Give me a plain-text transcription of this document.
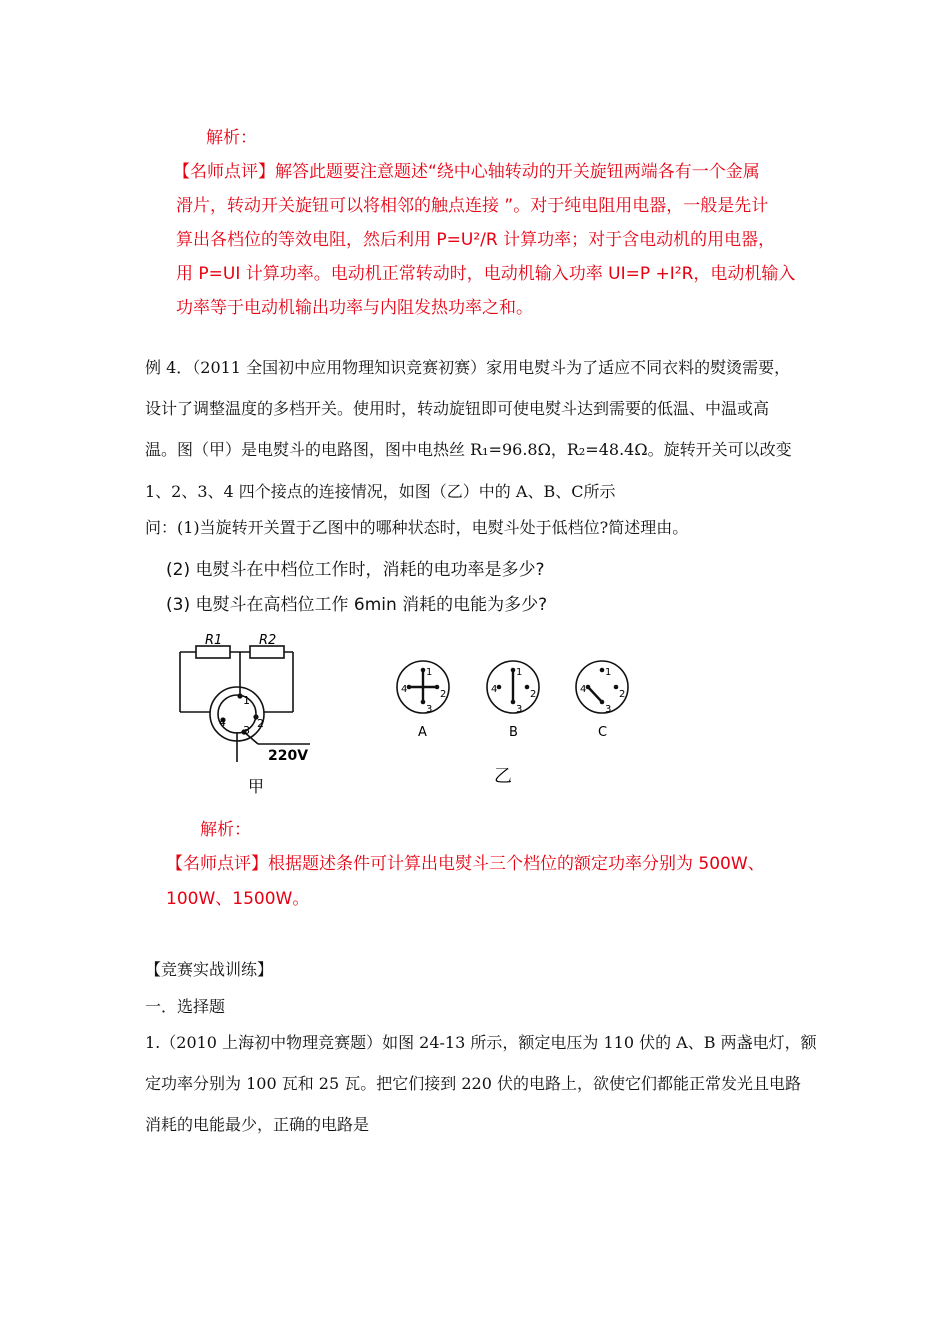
解析：
【名师点评】解答此题要注意题述“绕中心轴转动的开关旋钮两端各有一个金属
滑片，转动开关旋钮可以将相邻的触点连接 ”。对于纯电阻用电器，一般是先计
算出各档位的等效电阻，然后利用 P=U²/R 计算功率；对于含电动机的用电器，
用 P=UI 计算功率。电动机正常转动时，电动机输入功率 UI=P +I²R，电动机输入
功率等于电动机输出功率与内阻发热功率之和。
例 4．（2011 全国初中应用物理知识竞赛初赛）家用电熨斗为了适应不同衣料的熨烫需要，
设计了调整温度的多档开关。使用时，转动旋钮即可使电熨斗达到需要的低温、中温或高
温。图（甲）是电熨斗的电路图，图中电热丝 R₁=96.8Ω，R₂=48.4Ω。旋转开关可以改变
1、2、3、4 四个接点的连接情况，如图（乙）中的 A、B、C所示
问：(1)当旋转开关置于乙图中的哪种状态时，电熨斗处于低档位?简述理由。
(2) 电熨斗在中档位工作时，消耗的电功率是多少?
(3) 电熨斗在高档位工作 6min 消耗的电能为多少?
R1	R2
1
2
3
4
220V
甲
1
2
3
4
A
1
2
3
4
B
1
2
3
4
C
乙
解析：
【名师点评】根据题述条件可计算出电熨斗三个档位的额定功率分别为 500W、
100W、1500W。
【竞赛实战训练】
一．选择题
1.（2010 上海初中物理竞赛题）如图 24-13 所示，额定电压为 110 伏的 A、B 两盏电灯，额
定功率分别为 100 瓦和 25 瓦。把它们接到 220 伏的电路上，欲使它们都能正常发光且电路
消耗的电能最少，正确的电路是
